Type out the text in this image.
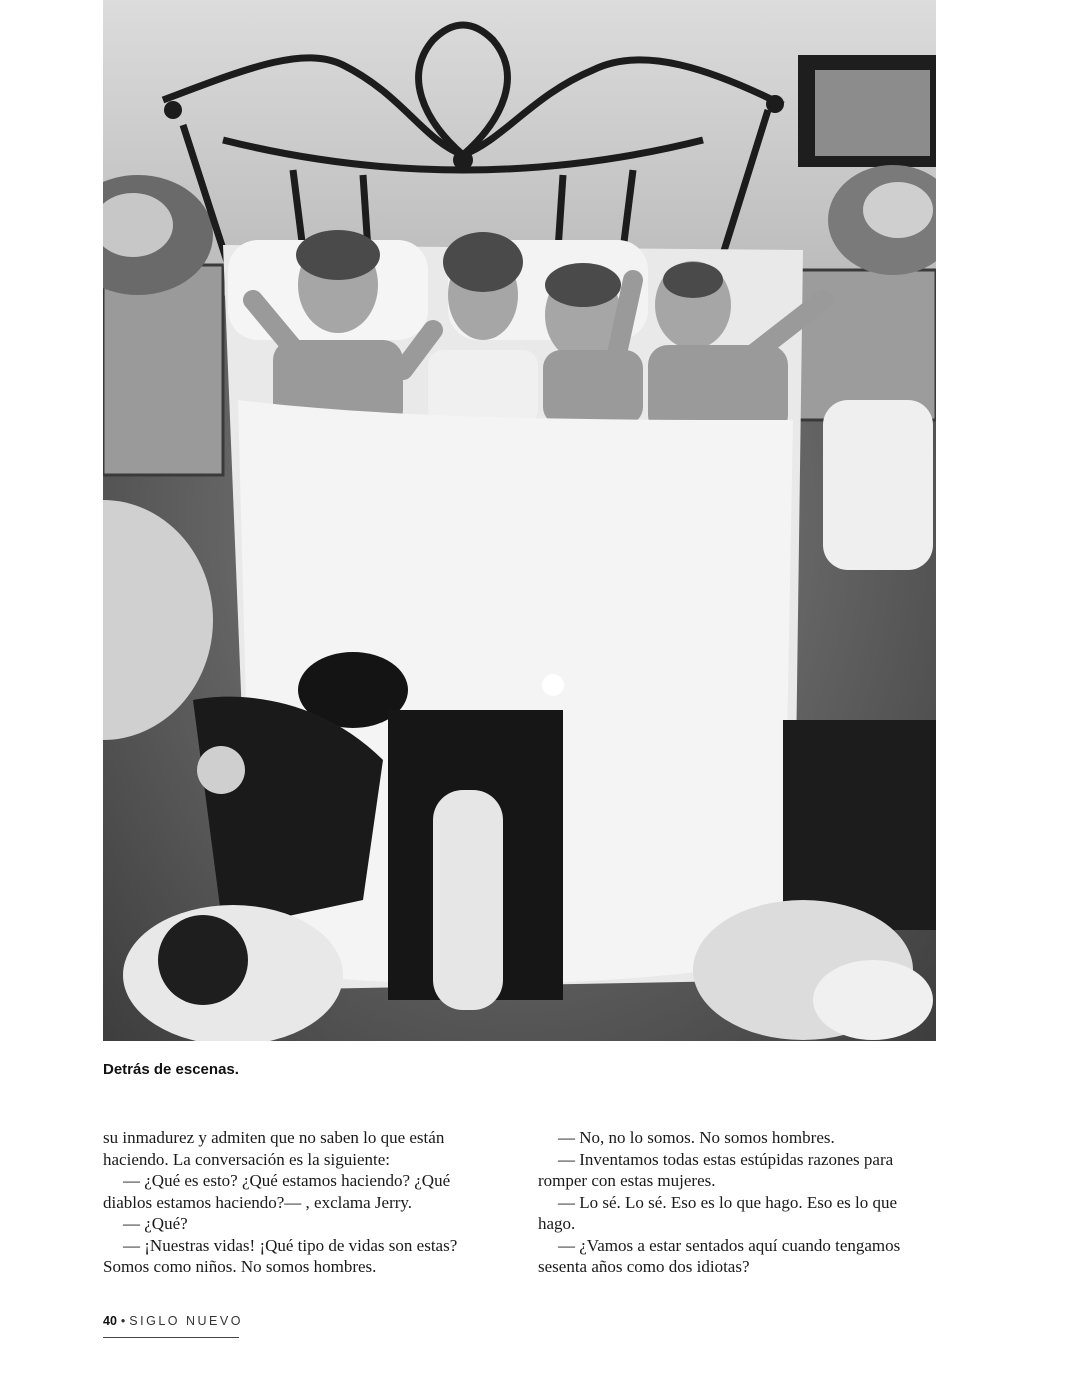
Detrás de escenas.

su inmadurez y admiten que no saben lo que están haciendo. La conversación es la siguiente:

— ¿Qué es esto? ¿Qué estamos haciendo? ¿Qué diablos estamos haciendo?— , exclama Jerry.

— ¿Qué?

— ¡Nuestras vidas! ¡Qué tipo de vidas son estas? Somos como niños. No somos hombres.

— No, no lo somos. No somos hombres.

— Inventamos todas estas estúpidas razones para romper con estas mujeres.

— Lo sé. Lo sé. Eso es lo que hago. Eso es lo que hago.

— ¿Vamos a estar sentados aquí cuando tengamos sesenta años como dos idiotas?

40 • SIGLO NUEVO
